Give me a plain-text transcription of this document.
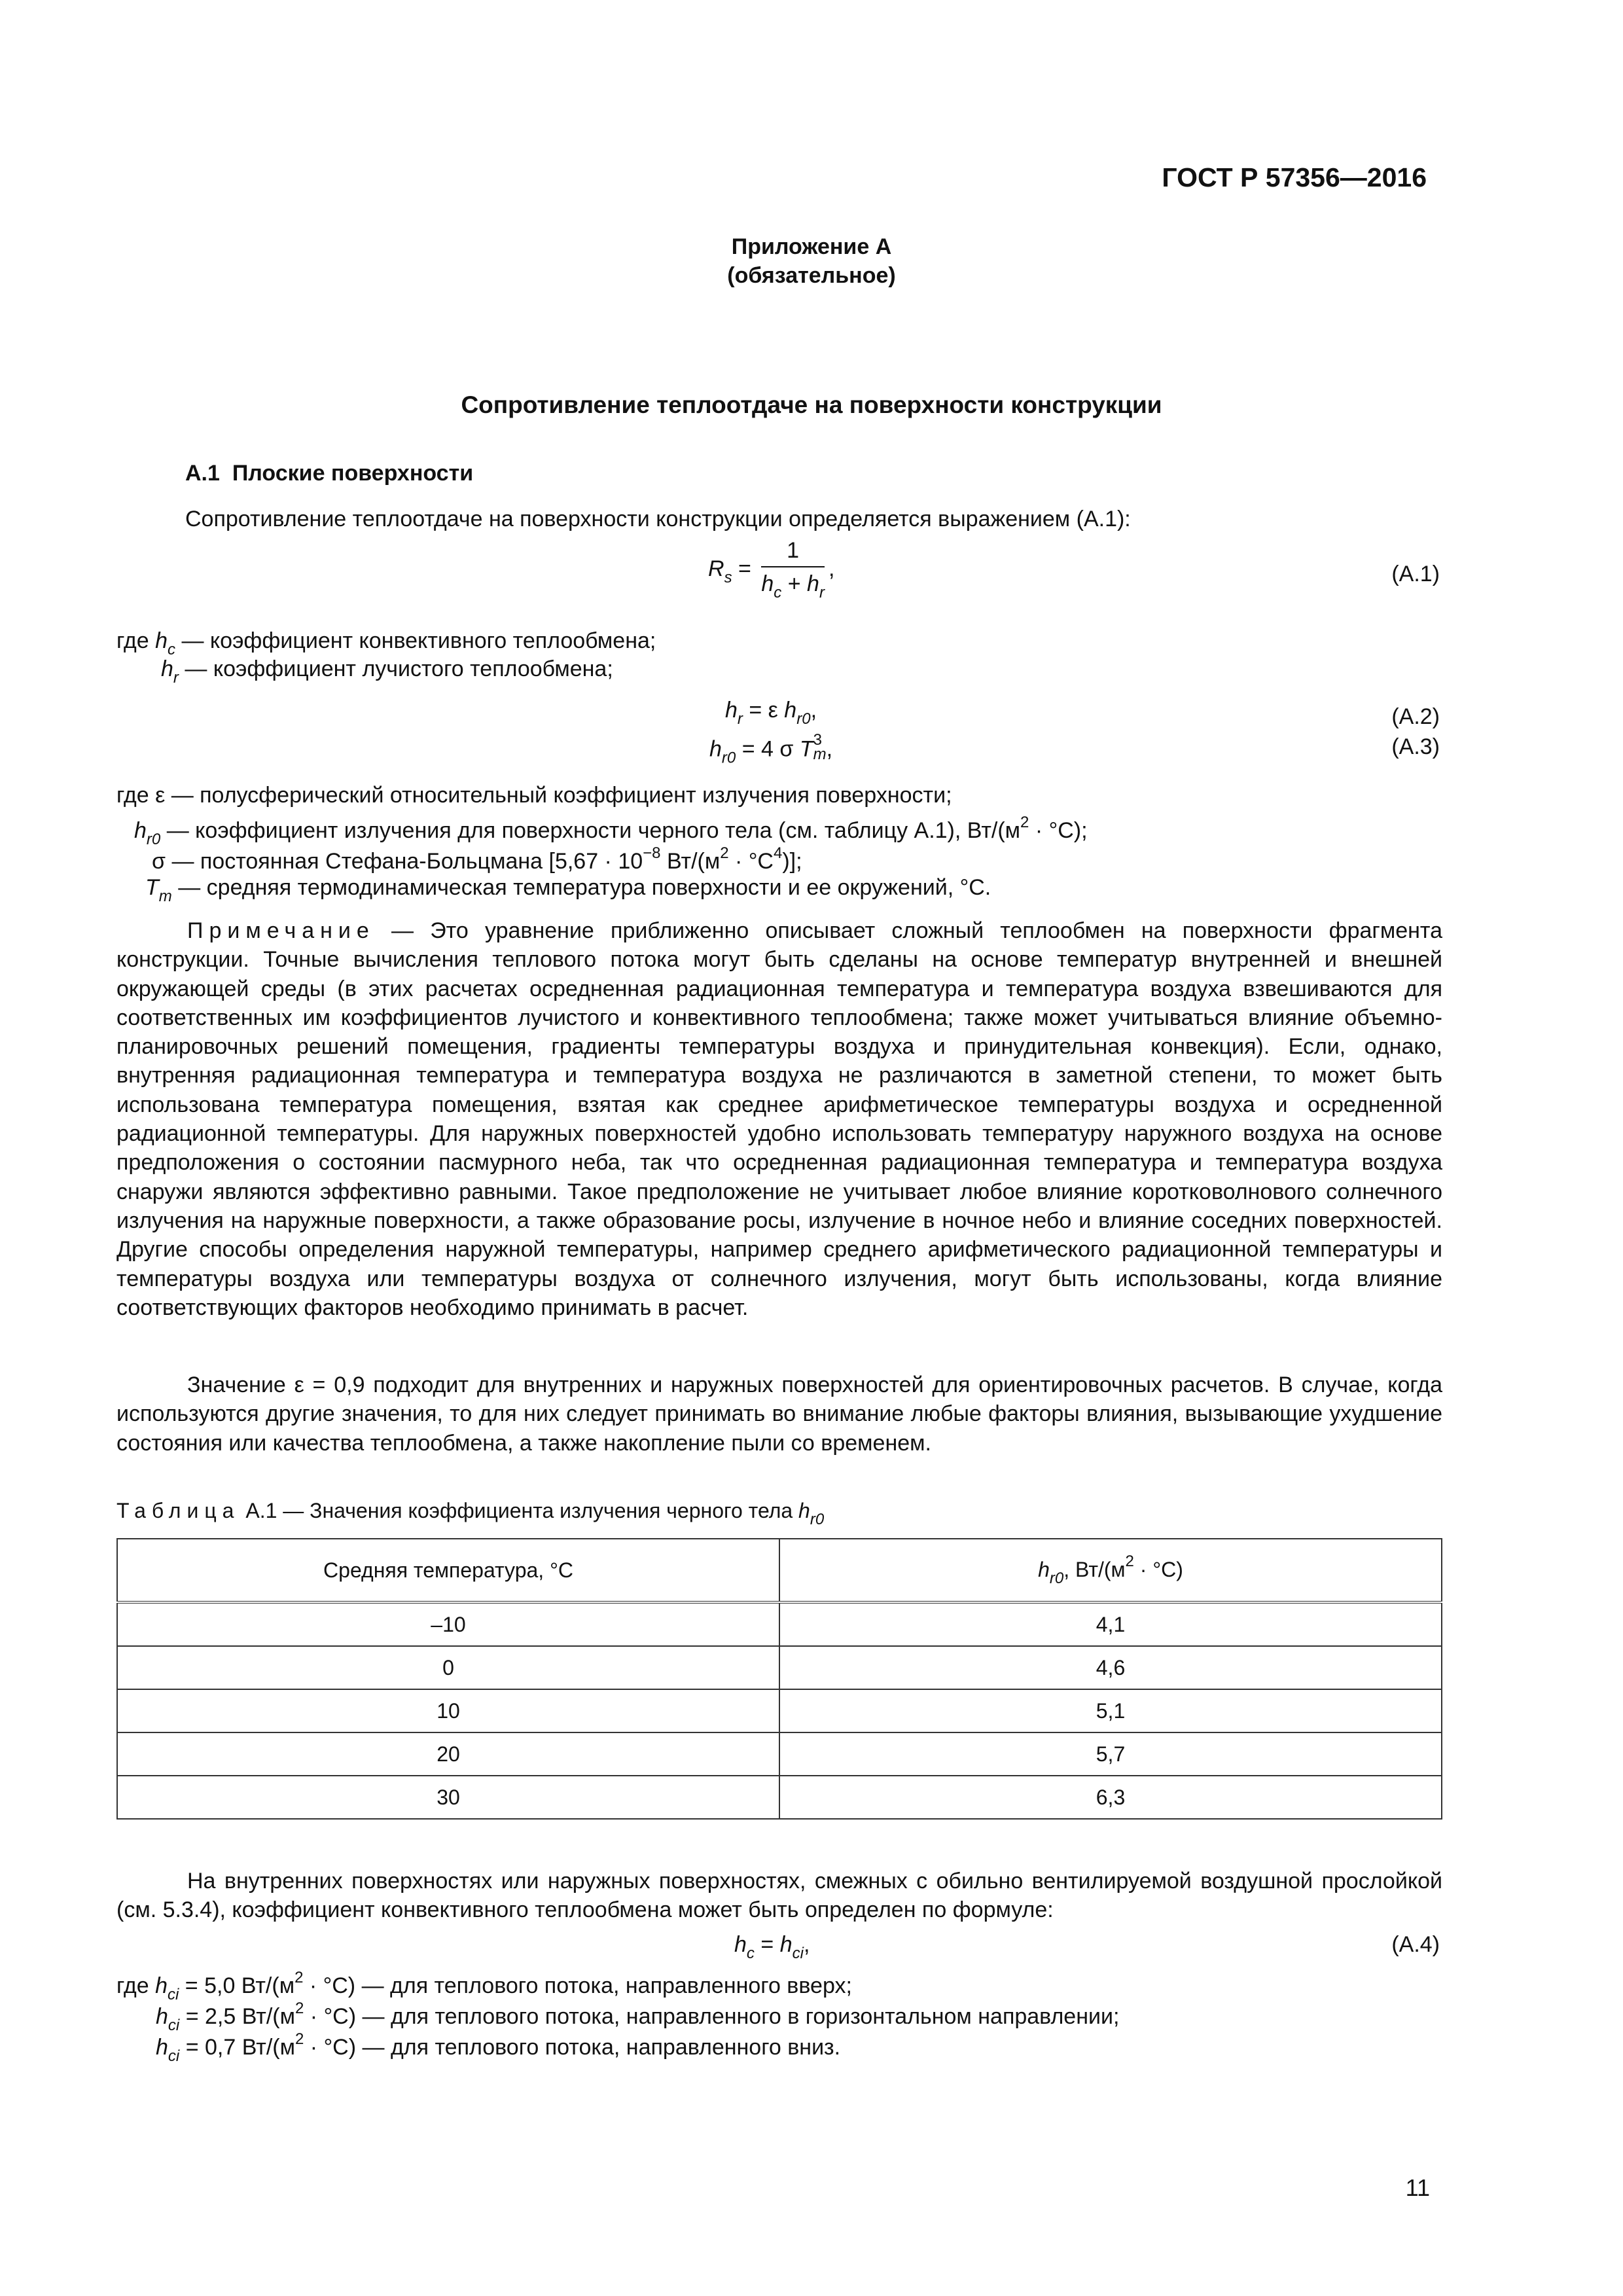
ГОСТ Р 57356—2016
Приложение А
(обязательное)
Сопротивление теплоотдаче на поверхности конструкции
А.1 Плоские поверхности
Сопротивление теплоотдаче на поверхности конструкции определяется выражением (А.1):
$R_s = \frac{1}{h_c + h_r}$ ,	(А.1)
где $h_c$ — коэффициент конвективного теплообмена;
$h_r$ — коэффициент лучистого теплообмена;
$h_r = \varepsilon$ $h_{r0}$,	(А.2)
$h_{r0} = 4$ σ T 3
m ,	(А.3)
где ε — полусферический относительный коэффициент излучения поверхности;
$h_{r0}$ — коэффициент излучения для поверхности черного тела (см. таблицу А.1), $Вт/(м^2 \cdot ^\circ C)$;
σ — постоянная Стефана-Больцмана [$5,67 \cdot 10^{-8}$ $Вт/(м^2 \cdot ^\circ C^4)$];
$T_m$ — средняя термодинамическая температура поверхности и ее окружений, °С.
Примечание — Это уравнение приближенно описывает сложный теплообмен на поверхности фрагмента конструкции. Точные вычисления теплового потока могут быть сделаны на основе температур внутренней и внешней окружающей среды (в этих расчетах осредненная радиационная температура и температура воздуха взвешиваются для соответственных им коэффициентов лучистого и конвективного теплообмена; также может учитываться влияние объемно-планировочных решений помещения, градиенты температуры воздуха и принудительная конвекция). Если, однако, внутренняя радиационная температура и температура воздуха не различаются в заметной степени, то может быть использована температура помещения, взятая как среднее арифметическое температуры воздуха и осредненной радиационной температуры. Для наружных поверхностей удобно использовать температуру наружного воздуха на основе предположения о состоянии пасмурного неба, так что осредненная радиационная температура и температура воздуха снаружи являются эффективно равными. Такое предположение не учитывает любое влияние коротковолнового солнечного излучения на наружные поверхности, а также образование росы, излучение в ночное небо и влияние соседних поверхностей. Другие способы определения наружной температуры, например среднего арифметического радиационной температуры и температуры воздуха или температуры воздуха от солнечного излучения, могут быть использованы, когда влияние соответствующих факторов необходимо принимать в расчет.
Значение ε = 0,9 подходит для внутренних и наружных поверхностей для ориентировочных расчетов. В случае, когда используются другие значения, то для них следует принимать во внимание любые факторы влияния, вызывающие ухудшение состояния или качества теплообмена, а также накопление пыли со временем.
Таблица А.1 — Значения коэффициента излучения черного тела $h_{r0}$
Средняя температура, °С	$h_{r0}$, $Вт/(м^2 \cdot ^\circ С)$
–10	4,1
0	4,6
10	5,1
20	5,7
30	6,3
На внутренних поверхностях или наружных поверхностях, смежных с обильно вентилируемой воздушной прослойкой (см. 5.3.4), коэффициент конвективного теплообмена может быть определен по формуле:
$h_c = h_{ci}$,	(А.4)
где $h_{ci} = 5,0$ $Вт/(м^2 \cdot ^\circ C)$ — для теплового потока, направленного вверх;
$h_{ci} = 2,5$ $Вт/(м^2 \cdot ^\circ C)$ — для теплового потока, направленного в горизонтальном направлении;
$h_{ci} = 0,7$ $Вт/(м^2 \cdot ^\circ C)$ — для теплового потока, направленного вниз.
11
